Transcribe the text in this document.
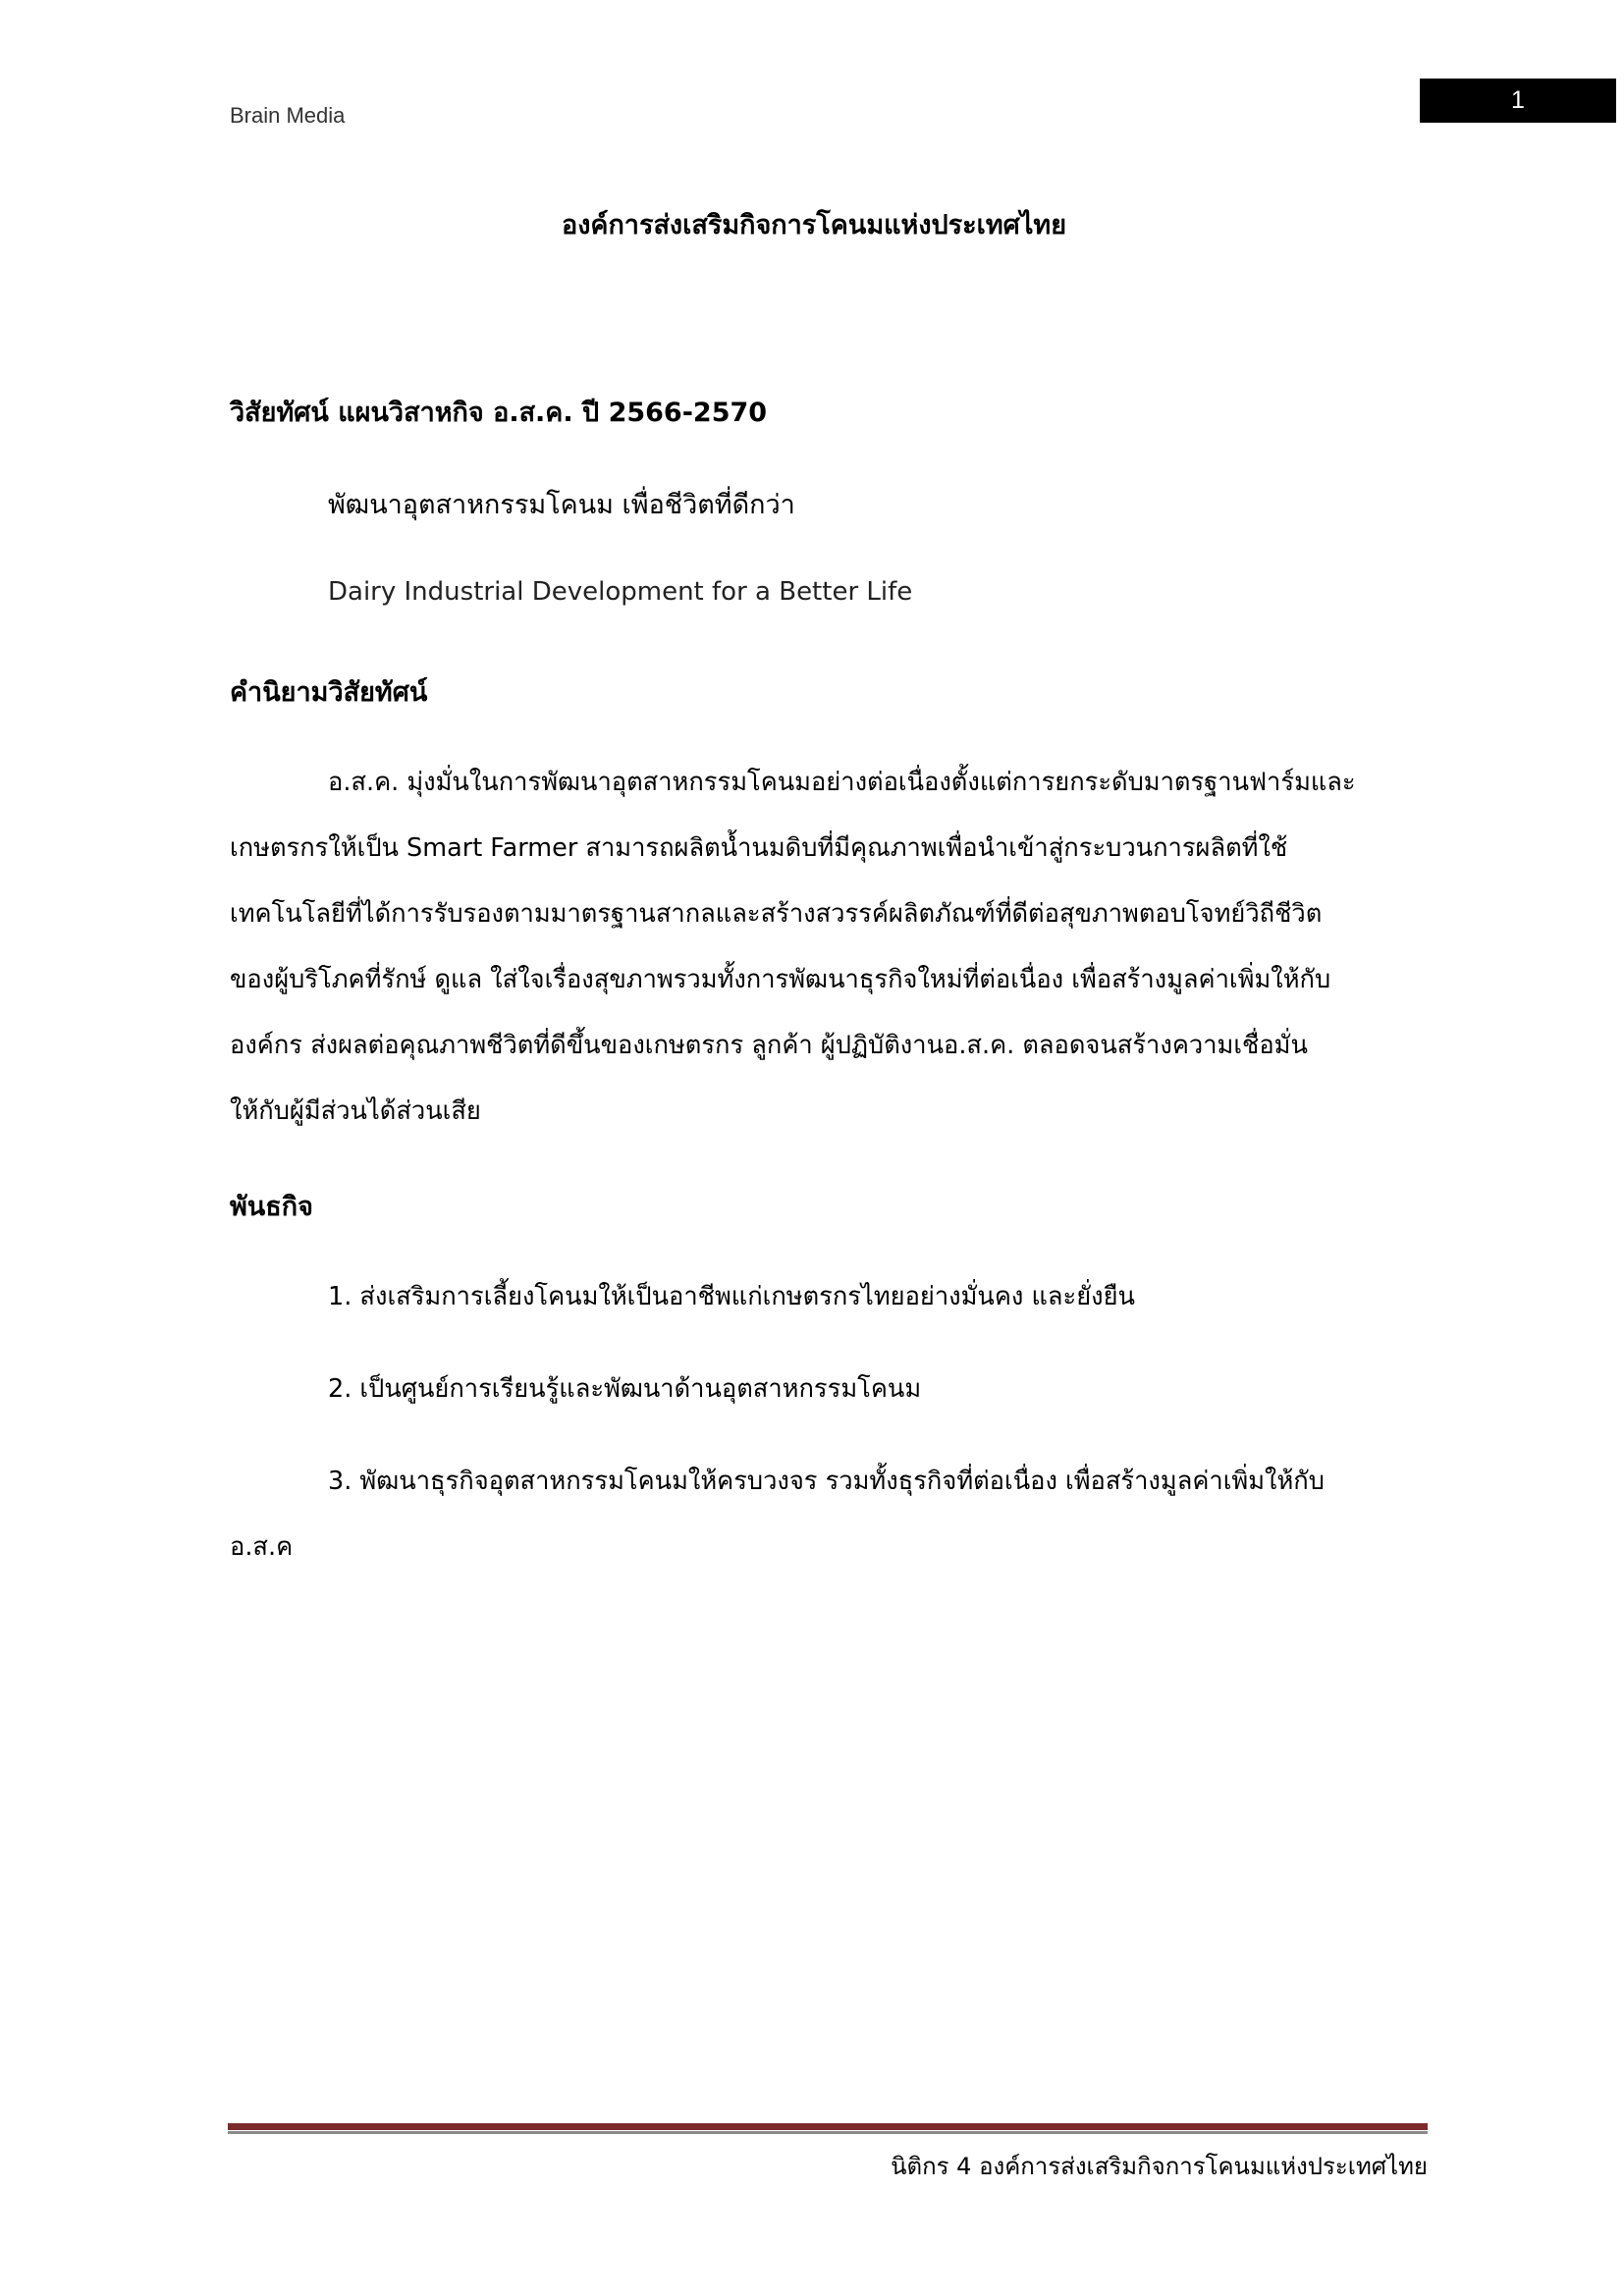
Brain Media
1
องค์การส่งเสริมกิจการโคนมแห่งประเทศไทย
วิสัยทัศน์ แผนวิสาหกิจ อ.ส.ค. ปี 2566-2570
พัฒนาอุตสาหกรรมโคนม เพื่อชีวิตที่ดีกว่า
Dairy Industrial Development for a Better Life
คำนิยามวิสัยทัศน์
อ.ส.ค. มุ่งมั่นในการพัฒนาอุตสาหกรรมโคนมอย่างต่อเนื่องตั้งแต่การยกระดับมาตรฐานฟาร์มและ
เกษตรกรให้เป็น Smart Farmer สามารถผลิตน้ำนมดิบที่มีคุณภาพเพื่อนำเข้าสู่กระบวนการผลิตที่ใช้
เทคโนโลยีที่ได้การรับรองตามมาตรฐานสากลและสร้างสวรรค์ผลิตภัณฑ์ที่ดีต่อสุขภาพตอบโจทย์วิถีชีวิต
ของผู้บริโภคที่รักษ์ ดูแล ใส่ใจเรื่องสุขภาพรวมทั้งการพัฒนาธุรกิจใหม่ที่ต่อเนื่อง เพื่อสร้างมูลค่าเพิ่มให้กับ
องค์กร ส่งผลต่อคุณภาพชีวิตที่ดีขึ้นของเกษตรกร ลูกค้า ผู้ปฏิบัติงานอ.ส.ค. ตลอดจนสร้างความเชื่อมั่น
ให้กับผู้มีส่วนได้ส่วนเสีย
พันธกิจ
1. ส่งเสริมการเลี้ยงโคนมให้เป็นอาชีพแก่เกษตรกรไทยอย่างมั่นคง และยั่งยืน
2. เป็นศูนย์การเรียนรู้และพัฒนาด้านอุตสาหกรรมโคนม
3. พัฒนาธุรกิจอุตสาหกรรมโคนมให้ครบวงจร รวมทั้งธุรกิจที่ต่อเนื่อง เพื่อสร้างมูลค่าเพิ่มให้กับ
อ.ส.ค
นิติกร 4 องค์การส่งเสริมกิจการโคนมแห่งประเทศไทย
